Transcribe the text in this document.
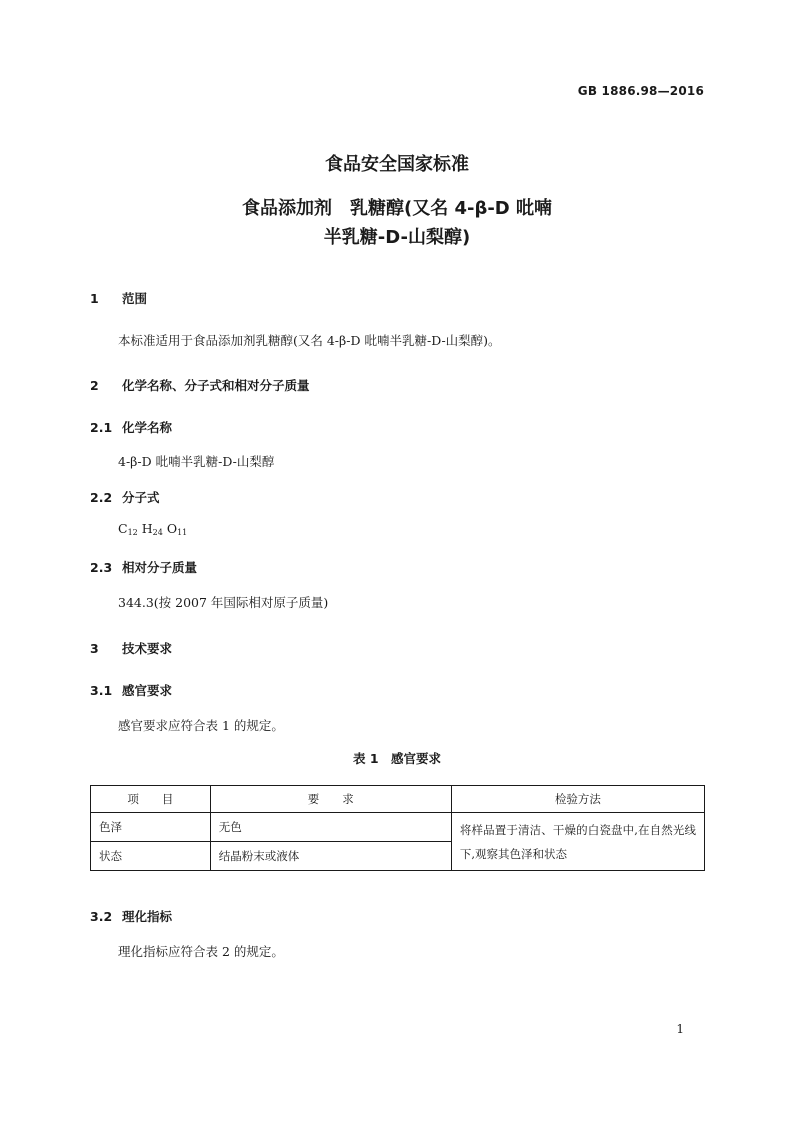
GB 1886.98—2016
食品安全国家标准
食品添加剂　乳糖醇(又名 4-β-D 吡喃
半乳糖-D-山梨醇)
1 范围
本标准适用于食品添加剂乳糖醇(又名 4-β-D 吡喃半乳糖-D-山梨醇)。
2 化学名称、分子式和相对分子质量
2.1 化学名称
4-β-D 吡喃半乳糖-D-山梨醇
2.2 分子式
$C_{12}$ $H_{24}$ $O_{11}$
2.3 相对分子质量
344.3(按 2007 年国际相对原子质量)
3 技术要求
3.1 感官要求
感官要求应符合表 1 的规定。
表 1　感官要求
项　　目	要　　求	检验方法
色泽	无色	将样品置于清洁、干燥的白瓷盘中,在自然光线下,观察其色泽和状态
状态	结晶粉末或液体	
3.2 理化指标
理化指标应符合表 2 的规定。
1
